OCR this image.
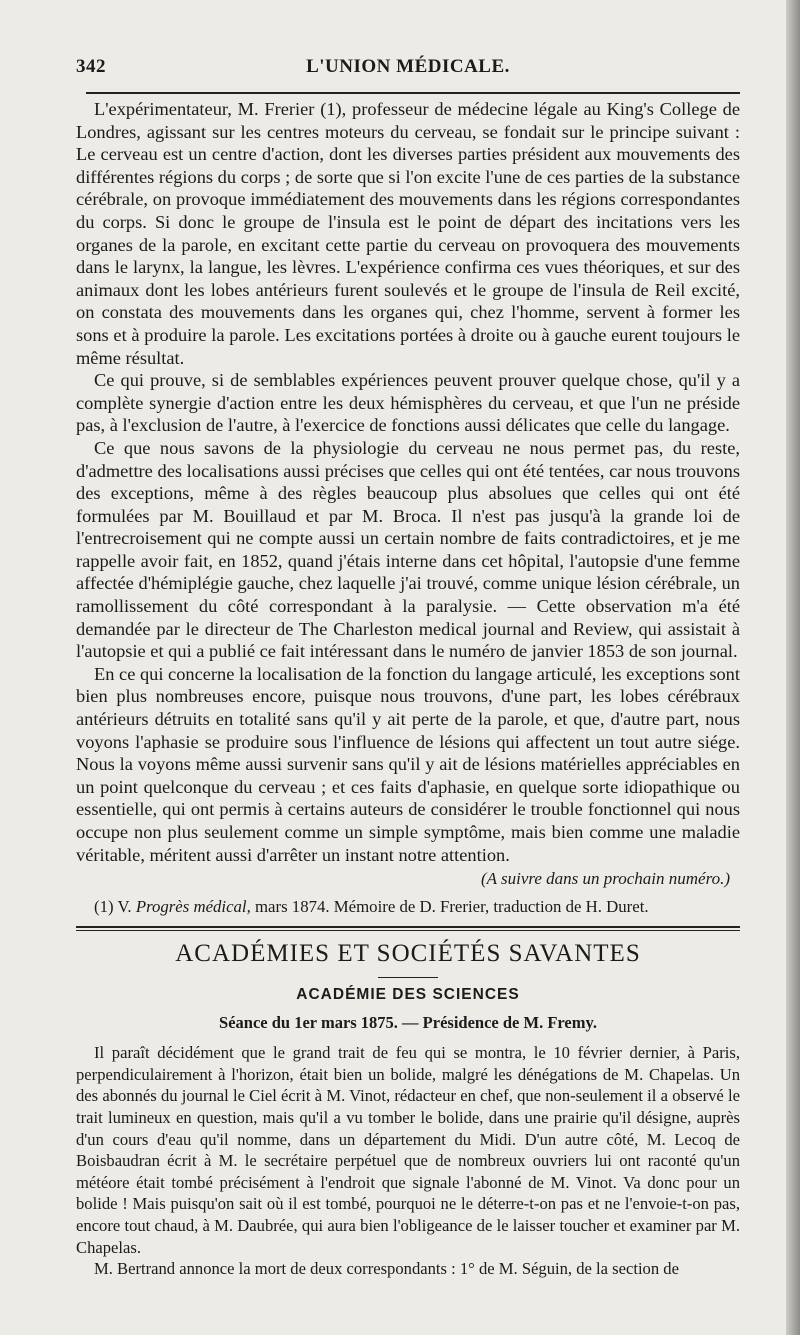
342	L'UNION MÉDICALE.

L'expérimentateur, M. Frerier (1), professeur de médecine légale au King's College de Londres, agissant sur les centres moteurs du cerveau, se fondait sur le principe suivant : Le cerveau est un centre d'action, dont les diverses parties président aux mouvements des différentes régions du corps ; de sorte que si l'on excite l'une de ces parties de la substance cérébrale, on provoque immédiatement des mouvements dans les régions correspondantes du corps. Si donc le groupe de l'insula est le point de départ des incitations vers les organes de la parole, en excitant cette partie du cerveau on provoquera des mouvements dans le larynx, la langue, les lèvres. L'expérience confirma ces vues théoriques, et sur des animaux dont les lobes antérieurs furent soulevés et le groupe de l'insula de Reil excité, on constata des mouvements dans les organes qui, chez l'homme, servent à former les sons et à produire la parole. Les excitations portées à droite ou à gauche eurent toujours le même résultat.

Ce qui prouve, si de semblables expériences peuvent prouver quelque chose, qu'il y a complète synergie d'action entre les deux hémisphères du cerveau, et que l'un ne préside pas, à l'exclusion de l'autre, à l'exercice de fonctions aussi délicates que celle du langage.

Ce que nous savons de la physiologie du cerveau ne nous permet pas, du reste, d'admettre des localisations aussi précises que celles qui ont été tentées, car nous trouvons des exceptions, même à des règles beaucoup plus absolues que celles qui ont été formulées par M. Bouillaud et par M. Broca. Il n'est pas jusqu'à la grande loi de l'entrecroisement qui ne compte aussi un certain nombre de faits contradictoires, et je me rappelle avoir fait, en 1852, quand j'étais interne dans cet hôpital, l'autopsie d'une femme affectée d'hémiplégie gauche, chez laquelle j'ai trouvé, comme unique lésion cérébrale, un ramollissement du côté correspondant à la paralysie. — Cette observation m'a été demandée par le directeur de The Charleston medical journal and Review, qui assistait à l'autopsie et qui a publié ce fait intéressant dans le numéro de janvier 1853 de son journal.

En ce qui concerne la localisation de la fonction du langage articulé, les exceptions sont bien plus nombreuses encore, puisque nous trouvons, d'une part, les lobes cérébraux antérieurs détruits en totalité sans qu'il y ait perte de la parole, et que, d'autre part, nous voyons l'aphasie se produire sous l'influence de lésions qui affectent un tout autre siége. Nous la voyons même aussi survenir sans qu'il y ait de lésions matérielles appréciables en un point quelconque du cerveau ; et ces faits d'aphasie, en quelque sorte idiopathique ou essentielle, qui ont permis à certains auteurs de considérer le trouble fonctionnel qui nous occupe non plus seulement comme un simple symptôme, mais bien comme une maladie véritable, méritent aussi d'arrêter un instant notre attention.

(A suivre dans un prochain numéro.)

(1) V. Progrès médical, mars 1874. Mémoire de D. Frerier, traduction de H. Duret.

ACADÉMIES ET SOCIÉTÉS SAVANTES
ACADÉMIE DES SCIENCES
Séance du 1er mars 1875. — Présidence de M. Fremy.

Il paraît décidément que le grand trait de feu qui se montra, le 10 février dernier, à Paris, perpendiculairement à l'horizon, était bien un bolide, malgré les dénégations de M. Chapelas. Un des abonnés du journal le Ciel écrit à M. Vinot, rédacteur en chef, que non-seulement il a observé le trait lumineux en question, mais qu'il a vu tomber le bolide, dans une prairie qu'il désigne, auprès d'un cours d'eau qu'il nomme, dans un département du Midi. D'un autre côté, M. Lecoq de Boisbaudran écrit à M. le secrétaire perpétuel que de nombreux ouvriers lui ont raconté qu'un météore était tombé précisément à l'endroit que signale l'abonné de M. Vinot. Va donc pour un bolide ! Mais puisqu'on sait où il est tombé, pourquoi ne le déterre-t-on pas et ne l'envoie-t-on pas, encore tout chaud, à M. Daubrée, qui aura bien l'obligeance de le laisser toucher et examiner par M. Chapelas.

M. Bertrand annonce la mort de deux correspondants : 1° de M. Séguin, de la section de
